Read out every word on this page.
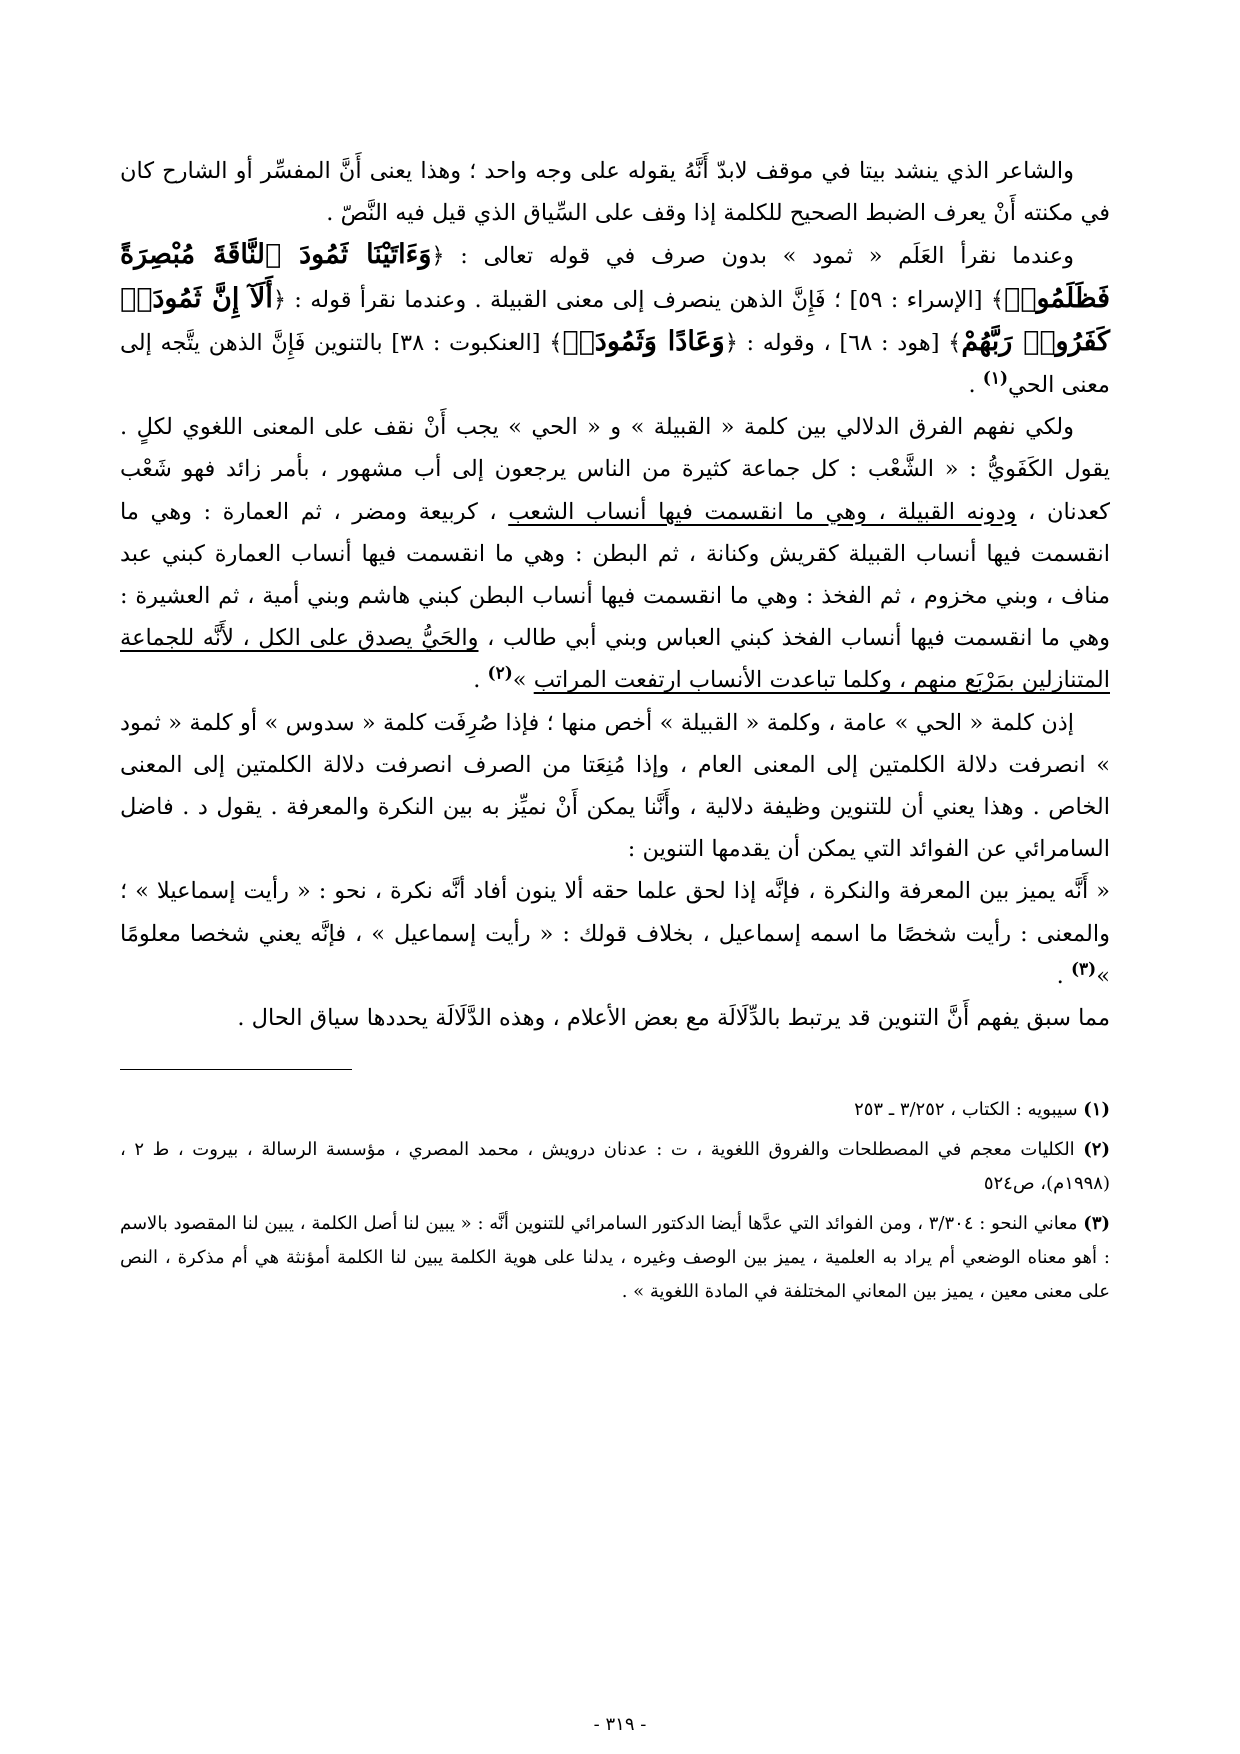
والشاعر الذي ينشد بيتا في موقف لابدّ أَنَّهُ يقوله على وجه واحد ؛ وهذا يعنى أَنَّ المفسِّر أو الشارح كان في مكنته أَنْ يعرف الضبط الصحيح للكلمة إذا وقف على السِّياق الذي قيل فيه النَّصّ .

وعندما نقرأ العَلَم « ثمود » بدون صرف في قوله تعالى : ﴿وَءَاتَيْنَا ثَمُودَ ٱلنَّاقَةَ مُبْصِرَةً فَظَلَمُوا۟﴾ [الإسراء : ٥٩] ؛ فَإِنَّ الذهن ينصرف إلى معنى القبيلة . وعندما نقرأ قوله : ﴿أَلَآ إِنَّ ثَمُودَا۟ كَفَرُوا۟ رَبَّهُمْ﴾ [هود : ٦٨] ، وقوله : ﴿وَعَادًا وَثَمُودَا۟﴾ [العنكبوت : ٣٨] بالتنوين فَإِنَّ الذهن يتَّجه إلى معنى الحي$^{(١)}$ .

ولكي نفهم الفرق الدلالي بين كلمة « القبيلة » و « الحي » يجب أَنْ نقف على المعنى اللغوي لكلٍ . يقول الكَفَويُّ : « الشَّعْب : كل جماعة كثيرة من الناس يرجعون إلى أب مشهور ، بأمر زائد فهو شَعْب كعدنان ، ودونه القبيلة ، وهي ما انقسمت فيها أنساب الشعب ، كربيعة ومضر ، ثم العمارة : وهي ما انقسمت فيها أنساب القبيلة كقريش وكنانة ، ثم البطن : وهي ما انقسمت فيها أنساب العمارة كبني عبد مناف ، وبني مخزوم ، ثم الفخذ : وهي ما انقسمت فيها أنساب البطن كبني هاشم وبني أمية ، ثم العشيرة : وهي ما انقسمت فيها أنساب الفخذ كبني العباس وبني أبي طالب ، والحَيُّ يصدق على الكل ، لأَنَّه للجماعة المتنازلين بمَرْبَع منهم ، وكلما تباعدت الأنساب ارتفعت المراتب »$^{(٢)}$ .

إذن كلمة « الحي » عامة ، وكلمة « القبيلة » أخص منها ؛ فإذا صُرِفَت كلمة « سدوس » أو كلمة « ثمود » انصرفت دلالة الكلمتين إلى المعنى العام ، وإذا مُنِعَتا من الصرف انصرفت دلالة الكلمتين إلى المعنى الخاص . وهذا يعني أن للتنوين وظيفة دلالية ، وأَنَّنا يمكن أَنْ نميِّز به بين النكرة والمعرفة . يقول د . فاضل السامرائي عن الفوائد التي يمكن أن يقدمها التنوين :

« أَنَّه يميز بين المعرفة والنكرة ، فإنَّه إذا لحق علما حقه ألا ينون أفاد أنَّه نكرة ، نحو : « رأيت إسماعيلا » ؛ والمعنى : رأيت شخصًا ما اسمه إسماعيل ، بخلاف قولك : « رأيت إسماعيل » ، فإنَّه يعني شخصا معلومًا »$^{(٣)}$ .

مما سبق يفهم أَنَّ التنوين قد يرتبط بالدِّلَالَة مع بعض الأعلام ، وهذه الدَّلَالَة يحددها سياق الحال .

(١) سيبويه : الكتاب ، ٣/٢٥٢ ـ ٢٥٣

(٢) الكليات معجم في المصطلحات والفروق اللغوية ، ت : عدنان درويش ، محمد المصري ، مؤسسة الرسالة ، بيروت ، ط ٢ ، (١٩٩٨م)، ص٥٢٤

(٣) معاني النحو : ٣/٣٠٤ ، ومن الفوائد التي عدَّها أيضا الدكتور السامرائي للتنوين أنَّه : « يبين لنا أصل الكلمة ، يبين لنا المقصود بالاسم : أهو معناه الوضعي أم يراد به العلمية ، يميز بين الوصف وغيره ، يدلنا على هوية الكلمة يبين لنا الكلمة أمؤنثة هي أم مذكرة ، النص على معنى معين ، يميز بين المعاني المختلفة في المادة اللغوية » .

- ٣١٩ -
